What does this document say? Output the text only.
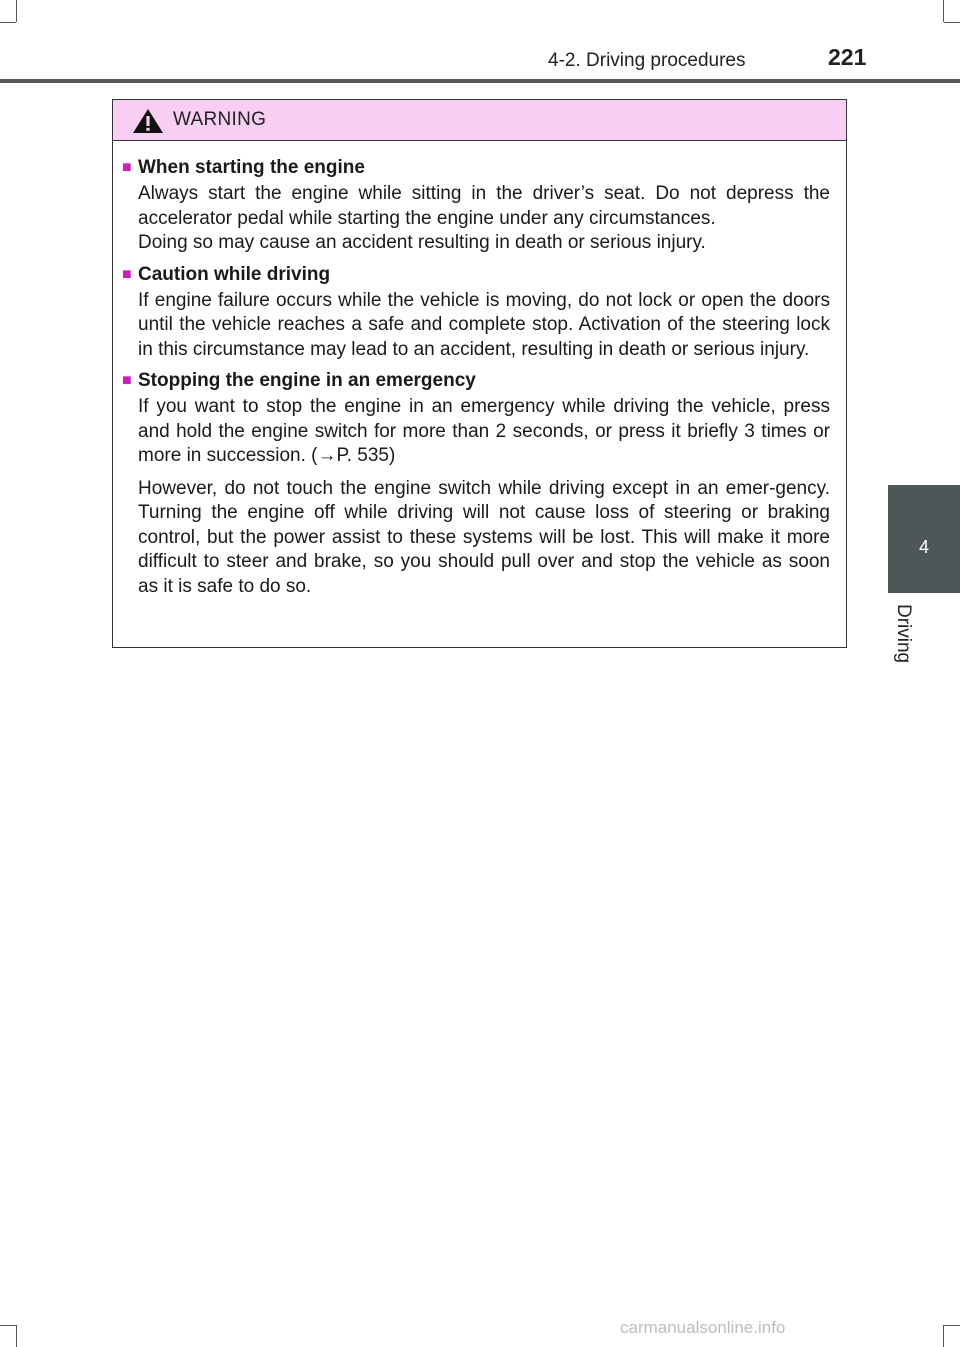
4-2. Driving procedures	221
4
Driving
WARNING
■ When starting the engine

Always start the engine while sitting in the driver’s seat. Do not depress the accelerator pedal while starting the engine under any circumstances.

Doing so may cause an accident resulting in death or serious injury.

■ Caution while driving

If engine failure occurs while the vehicle is moving, do not lock or open the doors until the vehicle reaches a safe and complete stop. Activation of the steering lock in this circumstance may lead to an accident, resulting in death or serious injury.

■ Stopping the engine in an emergency

If you want to stop the engine in an emergency while driving the vehicle, press and hold the engine switch for more than 2 seconds, or press it briefly 3 times or more in succession. (→P. 535)

However, do not touch the engine switch while driving except in an emer-gency. Turning the engine off while driving will not cause loss of steering or braking control, but the power assist to these systems will be lost. This will make it more difficult to steer and brake, so you should pull over and stop the vehicle as soon as it is safe to do so.

carmanualsonline.info
